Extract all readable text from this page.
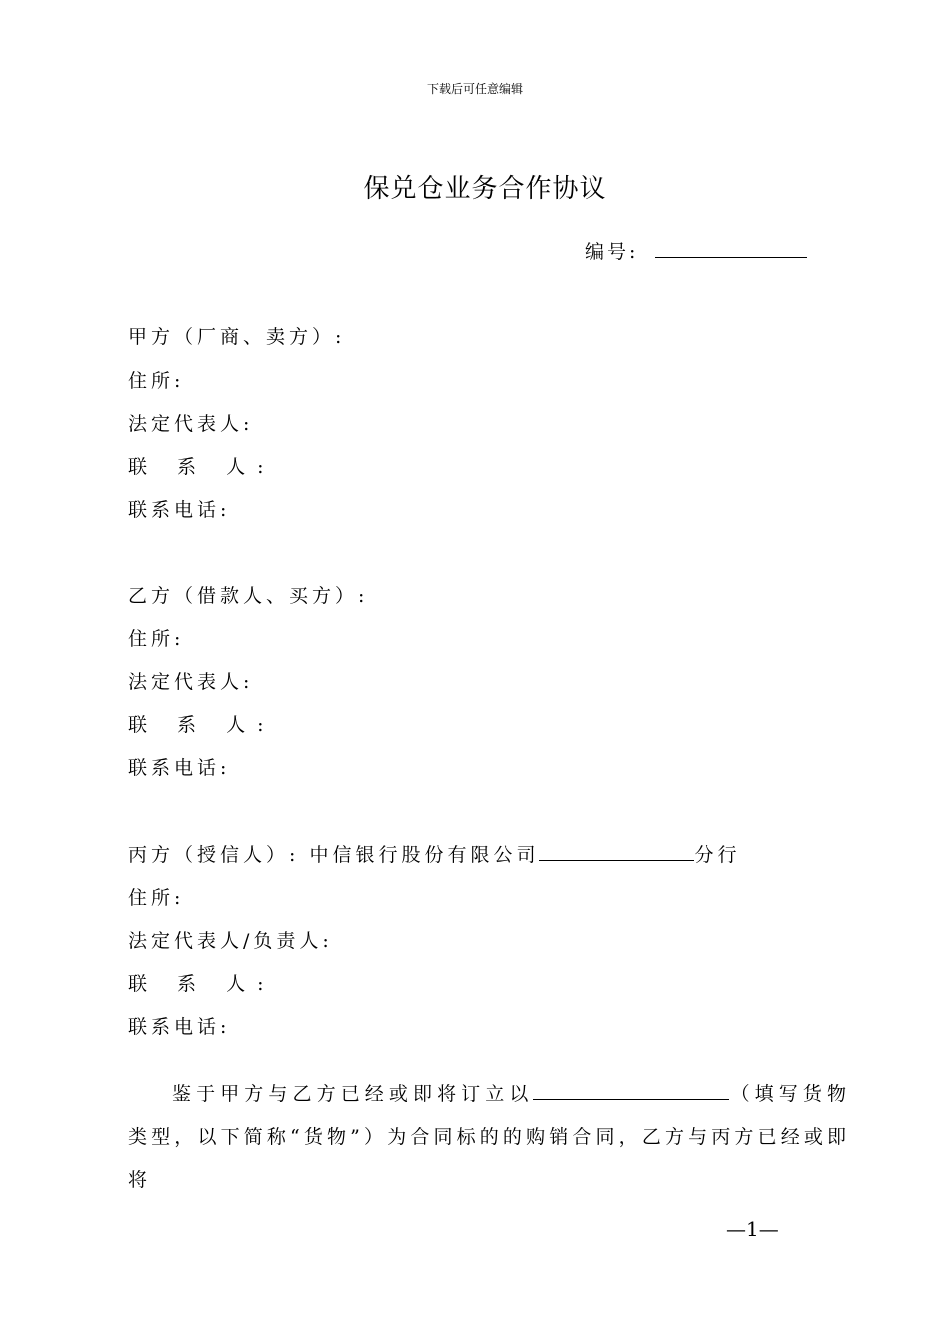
下载后可任意编辑
保兑仓业务合作协议
编号:
甲方（厂商、卖方）:
住所:
法定代表人:
联 系 人:
联系电话:
乙方（借款人、买方）:
住所:
法定代表人:
联 系 人:
联系电话:
丙方（授信人）: 中信银行股份有限公司	分行
住所:
法定代表人/负责人:
联 系 人:
联系电话:
鉴于甲方与乙方已经或即将订立以	（填写货物类型，以下简称“货物”）为合同标的的购销合同，乙方与丙方已经或即将
—1—
